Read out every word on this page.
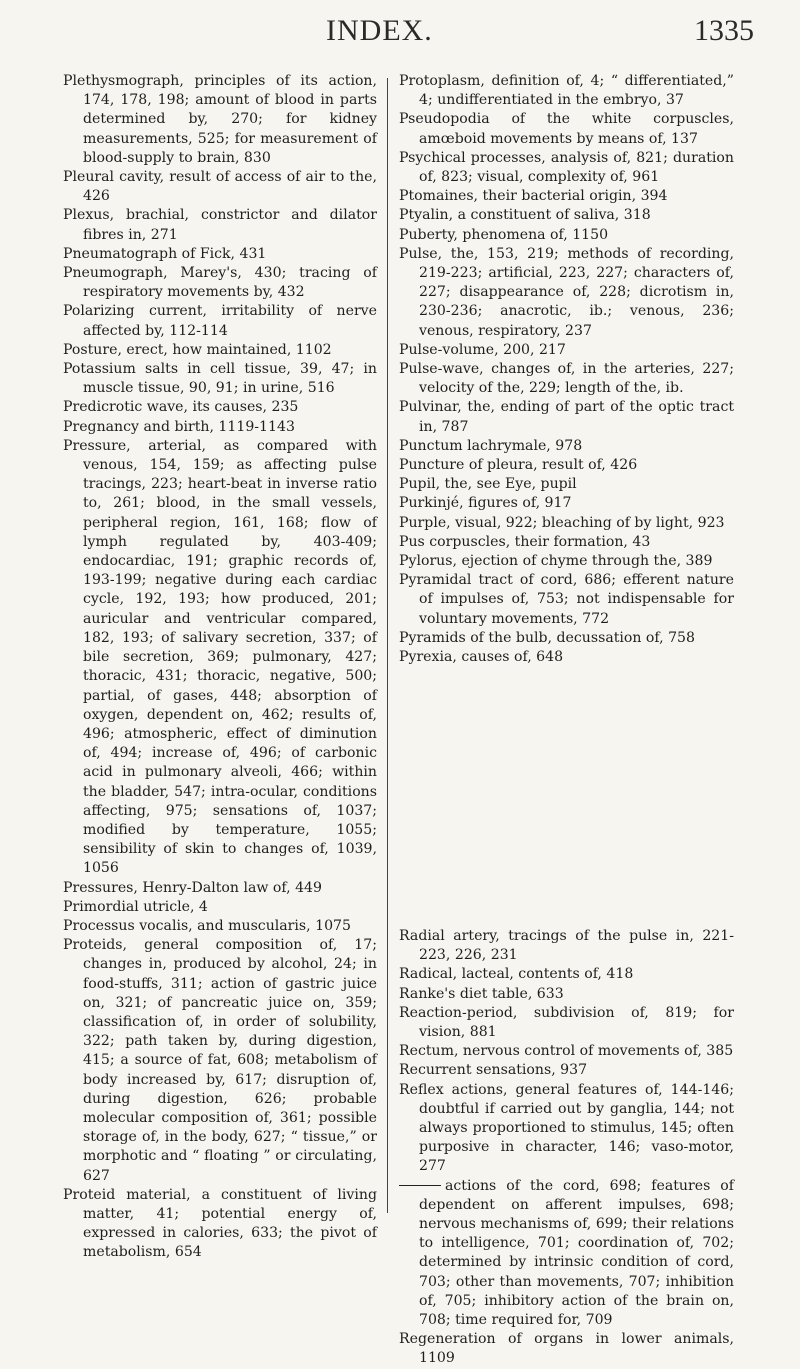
INDEX.	1335

Plethysmograph, principles of its action, 174, 178, 198; amount of blood in parts determined by, 270; for kidney measurements, 525; for measurement of blood-supply to brain, 830

Pleural cavity, result of access of air to the, 426

Plexus, brachial, constrictor and dilator fibres in, 271

Pneumatograph of Fick, 431

Pneumograph, Marey's, 430; tracing of respiratory movements by, 432

Polarizing current, irritability of nerve affected by, 112-114

Posture, erect, how maintained, 1102

Potassium salts in cell tissue, 39, 47; in muscle tissue, 90, 91; in urine, 516

Predicrotic wave, its causes, 235

Pregnancy and birth, 1119-1143

Pressure, arterial, as compared with venous, 154, 159; as affecting pulse tracings, 223; heart-beat in inverse ratio to, 261; blood, in the small vessels, peripheral region, 161, 168; flow of lymph regulated by, 403-409; endocardiac, 191; graphic records of, 193-199; negative during each cardiac cycle, 192, 193; how produced, 201; auricular and ventricular compared, 182, 193; of salivary secretion, 337; of bile secretion, 369; pulmonary, 427; thoracic, 431; thoracic, negative, 500; partial, of gases, 448; absorption of oxygen, dependent on, 462; results of, 496; atmospheric, effect of diminution of, 494; increase of, 496; of carbonic acid in pulmonary alveoli, 466; within the bladder, 547; intra-ocular, conditions affecting, 975; sensations of, 1037; modified by temperature, 1055; sensibility of skin to changes of, 1039, 1056

Pressures, Henry-Dalton law of, 449

Primordial utricle, 4

Processus vocalis, and muscularis, 1075

Proteids, general composition of, 17; changes in, produced by alcohol, 24; in food-stuffs, 311; action of gastric juice on, 321; of pancreatic juice on, 359; classification of, in order of solubility, 322; path taken by, during digestion, 415; a source of fat, 608; metabolism of body increased by, 617; disruption of, during digestion, 626; probable molecular composition of, 361; possible storage of, in the body, 627; “ tissue,” or morphotic and “ floating ” or circulating, 627

Proteid material, a constituent of living matter, 41; potential energy of, expressed in calories, 633; the pivot of metabolism, 654

Protoplasm, definition of, 4; “ differentiated,” 4; undifferentiated in the embryo, 37

Pseudopodia of the white corpuscles, amœboid movements by means of, 137

Psychical processes, analysis of, 821; duration of, 823; visual, complexity of, 961

Ptomaines, their bacterial origin, 394

Ptyalin, a constituent of saliva, 318

Puberty, phenomena of, 1150

Pulse, the, 153, 219; methods of recording, 219-223; artificial, 223, 227; characters of, 227; disappearance of, 228; dicrotism in, 230-236; anacrotic, ib.; venous, 236; venous, respiratory, 237

Pulse-volume, 200, 217

Pulse-wave, changes of, in the arteries, 227; velocity of the, 229; length of the, ib.

Pulvinar, the, ending of part of the optic tract in, 787

Punctum lachrymale, 978

Puncture of pleura, result of, 426

Pupil, the, see Eye, pupil

Purkinjé, figures of, 917

Purple, visual, 922; bleaching of by light, 923

Pus corpuscles, their formation, 43

Pylorus, ejection of chyme through the, 389

Pyramidal tract of cord, 686; efferent nature of impulses of, 753; not indispensable for voluntary movements, 772

Pyramids of the bulb, decussation of, 758

Pyrexia, causes of, 648

Radial artery, tracings of the pulse in, 221-223, 226, 231

Radical, lacteal, contents of, 418

Ranke's diet table, 633

Reaction-period, subdivision of, 819; for vision, 881

Rectum, nervous control of movements of, 385

Recurrent sensations, 937

Reflex actions, general features of, 144-146; doubtful if carried out by ganglia, 144; not always proportioned to stimulus, 145; often purposive in character, 146; vaso-motor, 277

actions of the cord, 698; features of dependent on afferent impulses, 698; nervous mechanisms of, 699; their relations to intelligence, 701; coordination of, 702; determined by intrinsic condition of cord, 703; other than movements, 707; inhibition of, 705; inhibitory action of the brain on, 708; time required for, 709

Regeneration of organs in lower animals, 1109
